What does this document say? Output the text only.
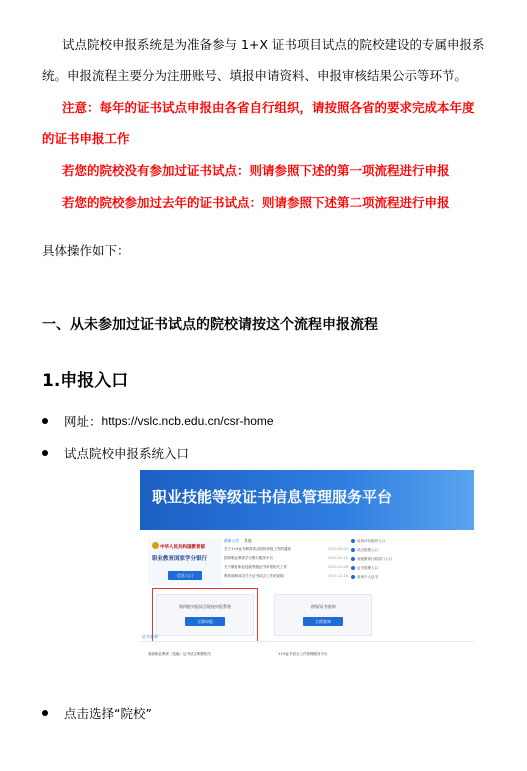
试点院校申报系统是为准备参与 1+X 证书项目试点的院校建设的专属申报系
统。申报流程主要分为注册账号、填报申请资料、申报审核结果公示等环节。
注意：每年的证书试点申报由各省自行组织，请按照各省的要求完成本年度
的证书申报工作
若您的院校没有参加过证书试点：则请参照下述的第一项流程进行申报
若您的院校参加过去年的证书试点：则请参照下述第二项流程进行申报
具体操作如下：
一、从未参加过证书试点的院校请按这个流程申报流程
1.申报入口
网址： https://vslc.ncb.edu.cn/csr-home
试点院校申报系统入口
职业技能等级证书信息管理服务平台
中华人民共和国教育部
职业教育国家学分银行
信息入口
最新公告 其他
关于1+X证书制度试点院校申报工作的通知	2020-03-04
国家职业教育学分银行服务平台	2020-02-20
关于做好职业技能等级证书申报相关工作	2020-01-08
教育部职成司关于证书试点工作的说明	2019-12-16
培训评价组织入口
试点院校入口
省级教育行政部门入口
证书管理入口
查询个人证书
第四批申报试点院校申报系统
立即申报
省级/证书查询
立即查询
证书查询
查阅职业教育（技能）证书试点制度相关	1+X证书试点工作管理服务平台
点击选择“院校”
